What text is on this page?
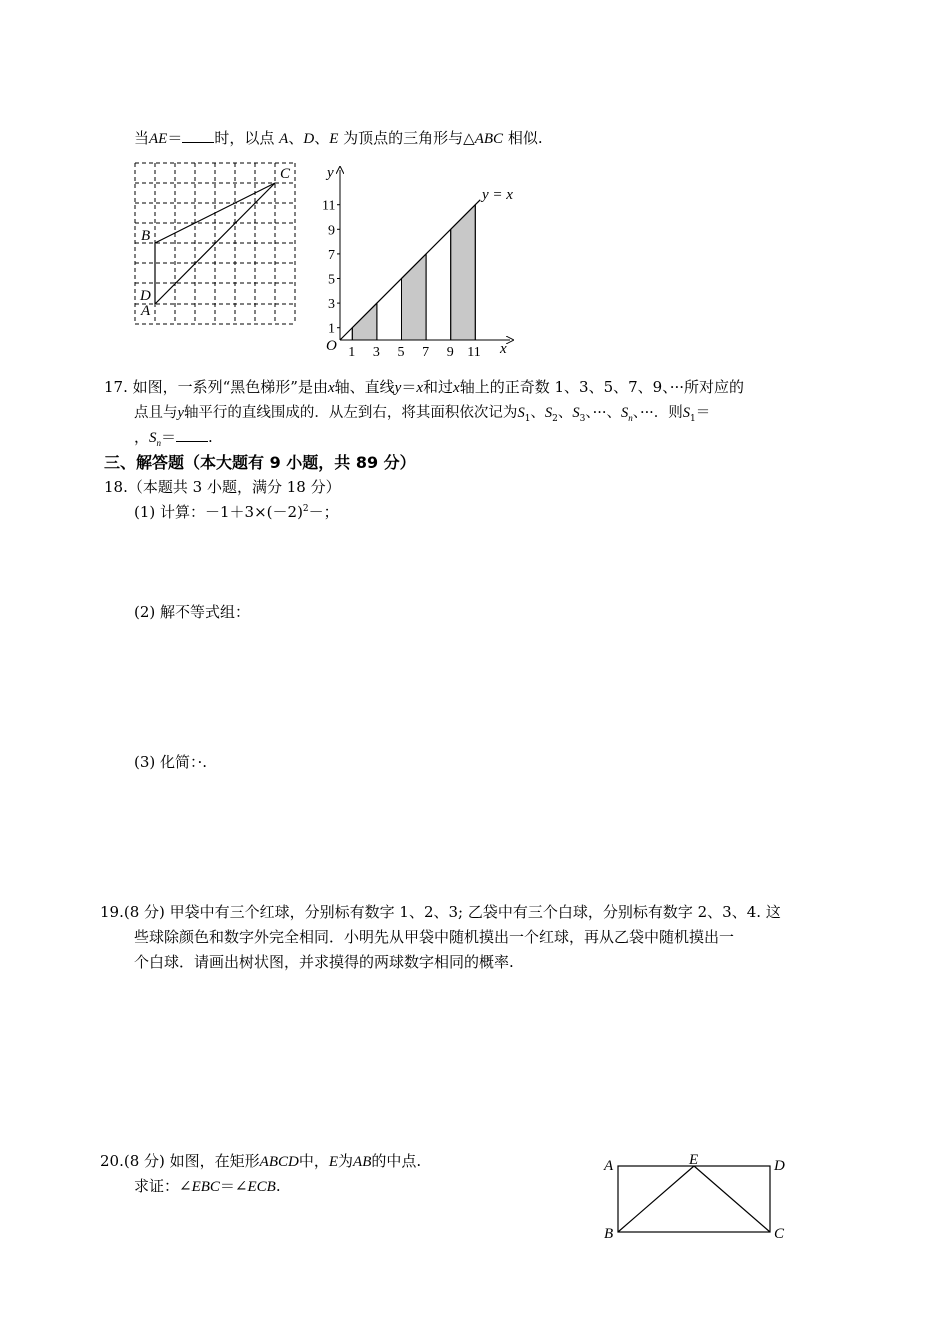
当AE＝ 时，以点 A、D、E 为顶点的三角形与△ABC 相似.
C
B
D
A
1
3
5
7
9
11
1 3 5 7 9 11
O
y
x
y = x
17. 如图，一系列“黑色梯形”是由x轴、直线y＝x和过x轴上的正奇数 1、3、5、7、9、···所对应的
点且与y轴平行的直线围成的．从左到右，将其面积依次记为$S_1$、$S_2$、$S_3$、···、$S_n$、···．则$S_1=$
，$S_n=$ .
三、解答题（本大题有 9 小题，共 89 分）
18.（本题共 3 小题，满分 18 分）
(1) 计算：$-1+3\times(-2)^2-$；
(2) 解不等式组：
(3) 化简：·.
19.(8 分) 甲袋中有三个红球，分别标有数字 1、2、3; 乙袋中有三个白球，分别标有数字 2、3、4. 这
些球除颜色和数字外完全相同．小明先从甲袋中随机摸出一个红球，再从乙袋中随机摸出一
个白球．请画出树状图，并求摸得的两球数字相同的概率.
20.(8 分) 如图，在矩形ABCD中，E为AB的中点.
求证：∠EBC＝∠ECB.
A	E	D
B	C
